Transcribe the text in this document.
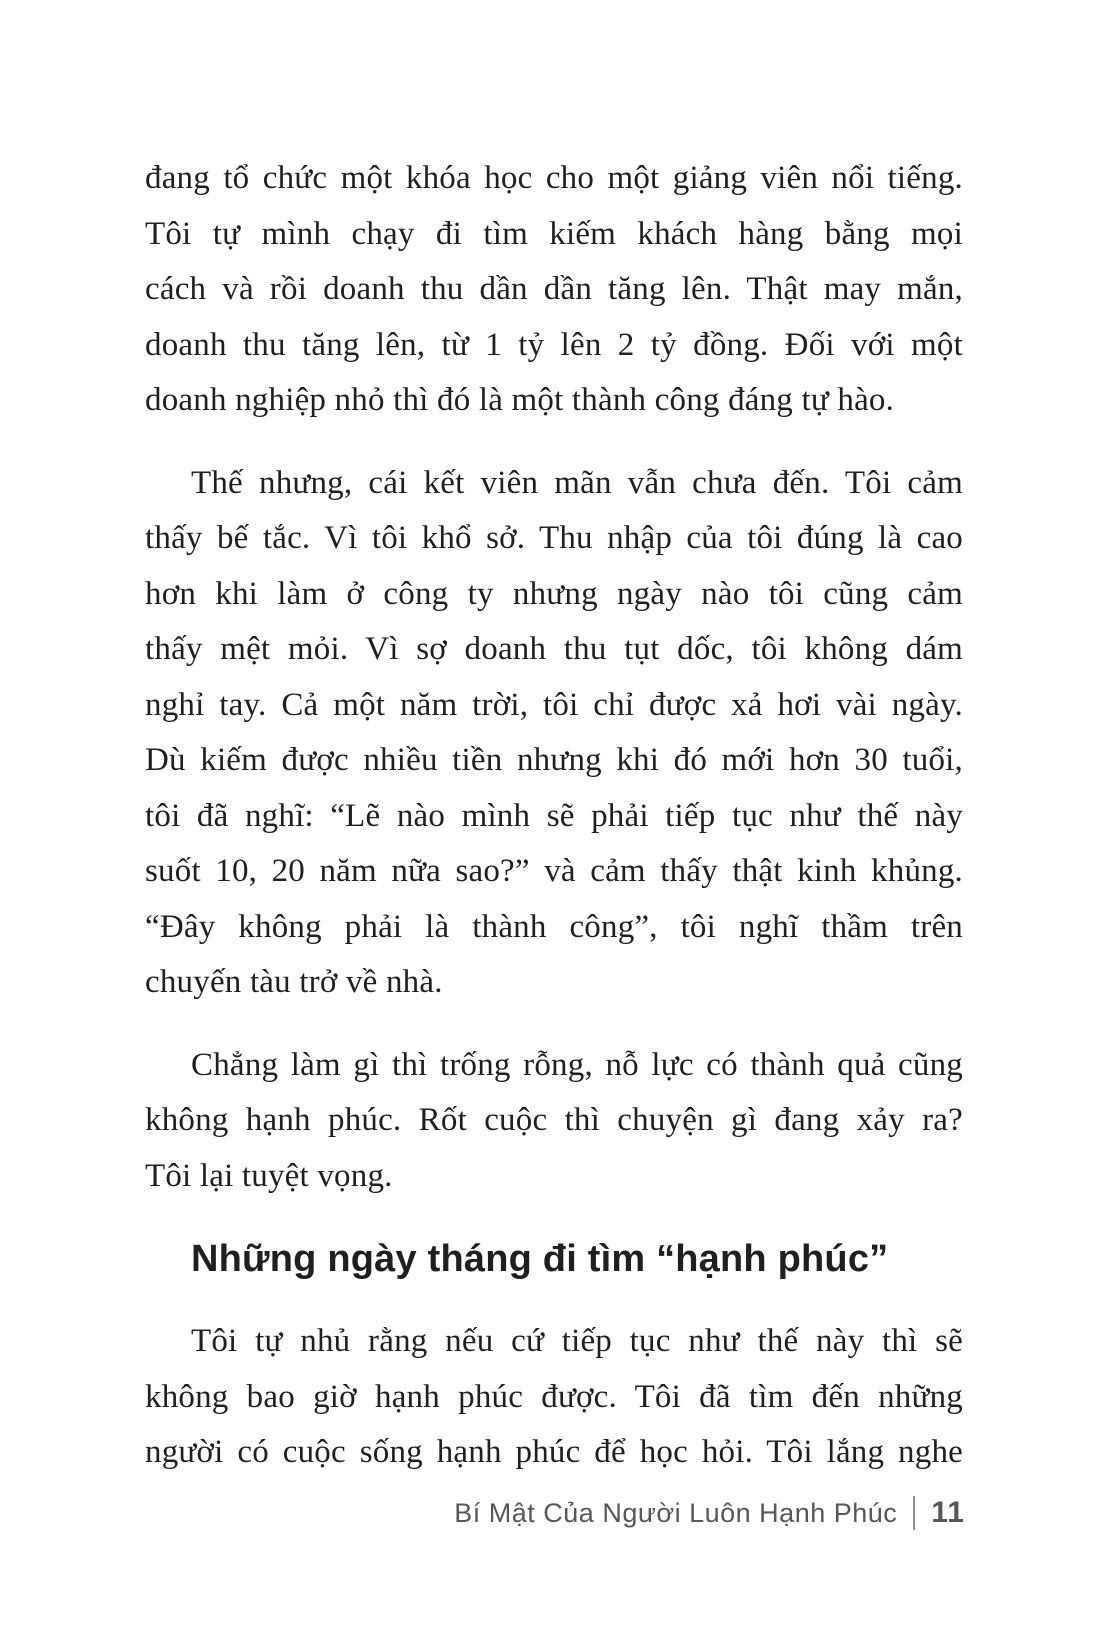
đang tổ chức một khóa học cho một giảng viên nổi tiếng.
Tôi tự mình chạy đi tìm kiếm khách hàng bằng mọi
cách và rồi doanh thu dần dần tăng lên. Thật may mắn,
doanh thu tăng lên, từ 1 tỷ lên 2 tỷ đồng. Đối với một
doanh nghiệp nhỏ thì đó là một thành công đáng tự hào.
Thế nhưng, cái kết viên mãn vẫn chưa đến. Tôi cảm
thấy bế tắc. Vì tôi khổ sở. Thu nhập của tôi đúng là cao
hơn khi làm ở công ty nhưng ngày nào tôi cũng cảm
thấy mệt mỏi. Vì sợ doanh thu tụt dốc, tôi không dám
nghỉ tay. Cả một năm trời, tôi chỉ được xả hơi vài ngày.
Dù kiếm được nhiều tiền nhưng khi đó mới hơn 30 tuổi,
tôi đã nghĩ: “Lẽ nào mình sẽ phải tiếp tục như thế này
suốt 10, 20 năm nữa sao?” và cảm thấy thật kinh khủng.
“Đây không phải là thành công”, tôi nghĩ thầm trên
chuyến tàu trở về nhà.
Chẳng làm gì thì trống rỗng, nỗ lực có thành quả cũng
không hạnh phúc. Rốt cuộc thì chuyện gì đang xảy ra?
Tôi lại tuyệt vọng.
Những ngày tháng đi tìm “hạnh phúc”
Tôi tự nhủ rằng nếu cứ tiếp tục như thế này thì sẽ
không bao giờ hạnh phúc được. Tôi đã tìm đến những
người có cuộc sống hạnh phúc để học hỏi. Tôi lắng nghe
Bí Mật Của Người Luôn Hạnh Phúc 11
